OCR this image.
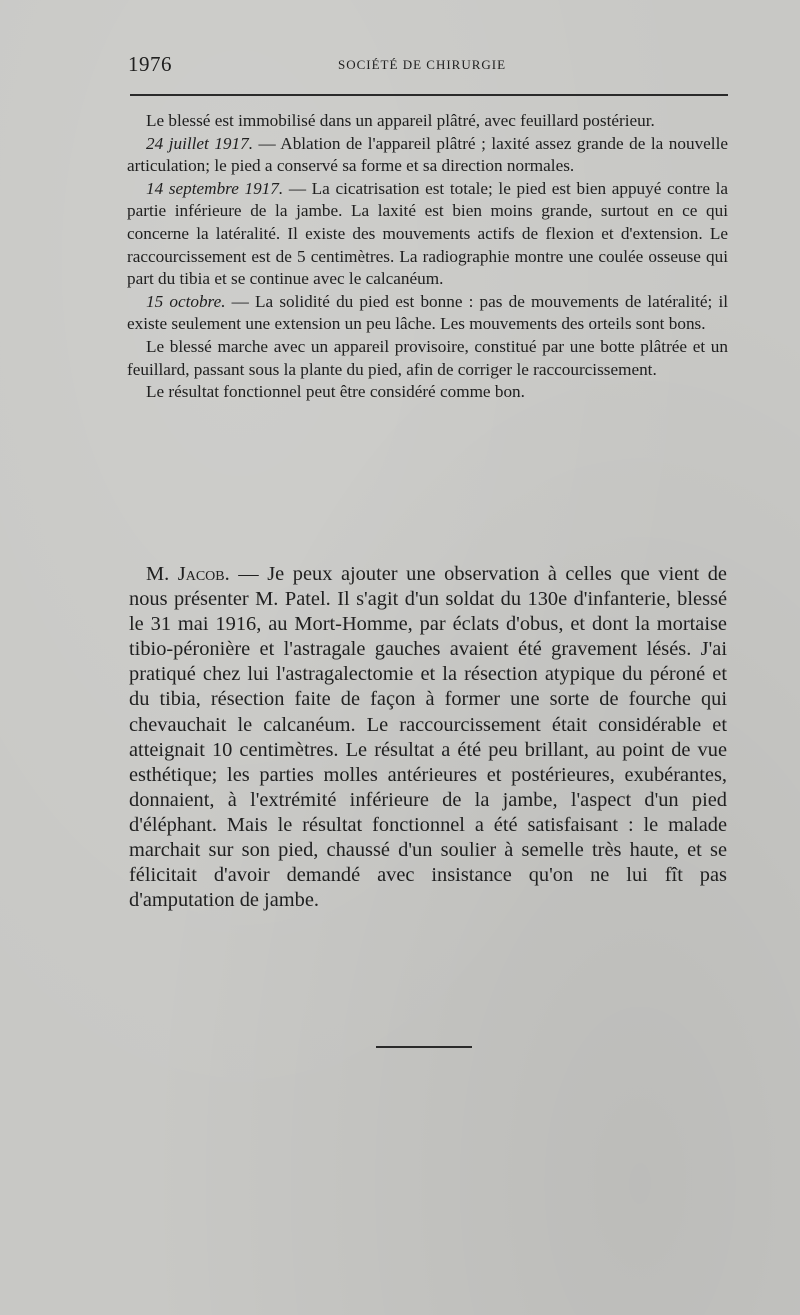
1976	SOCIÉTÉ DE CHIRURGIE

Le blessé est immobilisé dans un appareil plâtré, avec feuillard postérieur.

24 juillet 1917. — Ablation de l'appareil plâtré ; laxité assez grande de la nouvelle articulation; le pied a conservé sa forme et sa direction normales.

14 septembre 1917. — La cicatrisation est totale; le pied est bien appuyé contre la partie inférieure de la jambe. La laxité est bien moins grande, surtout en ce qui concerne la latéralité. Il existe des mouvements actifs de flexion et d'extension. Le raccourcissement est de 5 centimètres. La radiographie montre une coulée osseuse qui part du tibia et se continue avec le calcanéum.

15 octobre. — La solidité du pied est bonne : pas de mouvements de latéralité; il existe seulement une extension un peu lâche. Les mouvements des orteils sont bons.

Le blessé marche avec un appareil provisoire, constitué par une botte plâtrée et un feuillard, passant sous la plante du pied, afin de corriger le raccourcissement.

Le résultat fonctionnel peut être considéré comme bon.

M. Jacob. — Je peux ajouter une observation à celles que vient de nous présenter M. Patel. Il s'agit d'un soldat du 130e d'infanterie, blessé le 31 mai 1916, au Mort-Homme, par éclats d'obus, et dont la mortaise tibio-péronière et l'astragale gauches avaient été gravement lésés. J'ai pratiqué chez lui l'astragalectomie et la résection atypique du péroné et du tibia, résection faite de façon à former une sorte de fourche qui chevauchait le calcanéum. Le raccourcissement était considérable et atteignait 10 centimètres. Le résultat a été peu brillant, au point de vue esthétique; les parties molles antérieures et postérieures, exubérantes, donnaient, à l'extrémité inférieure de la jambe, l'aspect d'un pied d'éléphant. Mais le résultat fonctionnel a été satisfaisant : le malade marchait sur son pied, chaussé d'un soulier à semelle très haute, et se félicitait d'avoir demandé avec insistance qu'on ne lui fît pas d'amputation de jambe.
